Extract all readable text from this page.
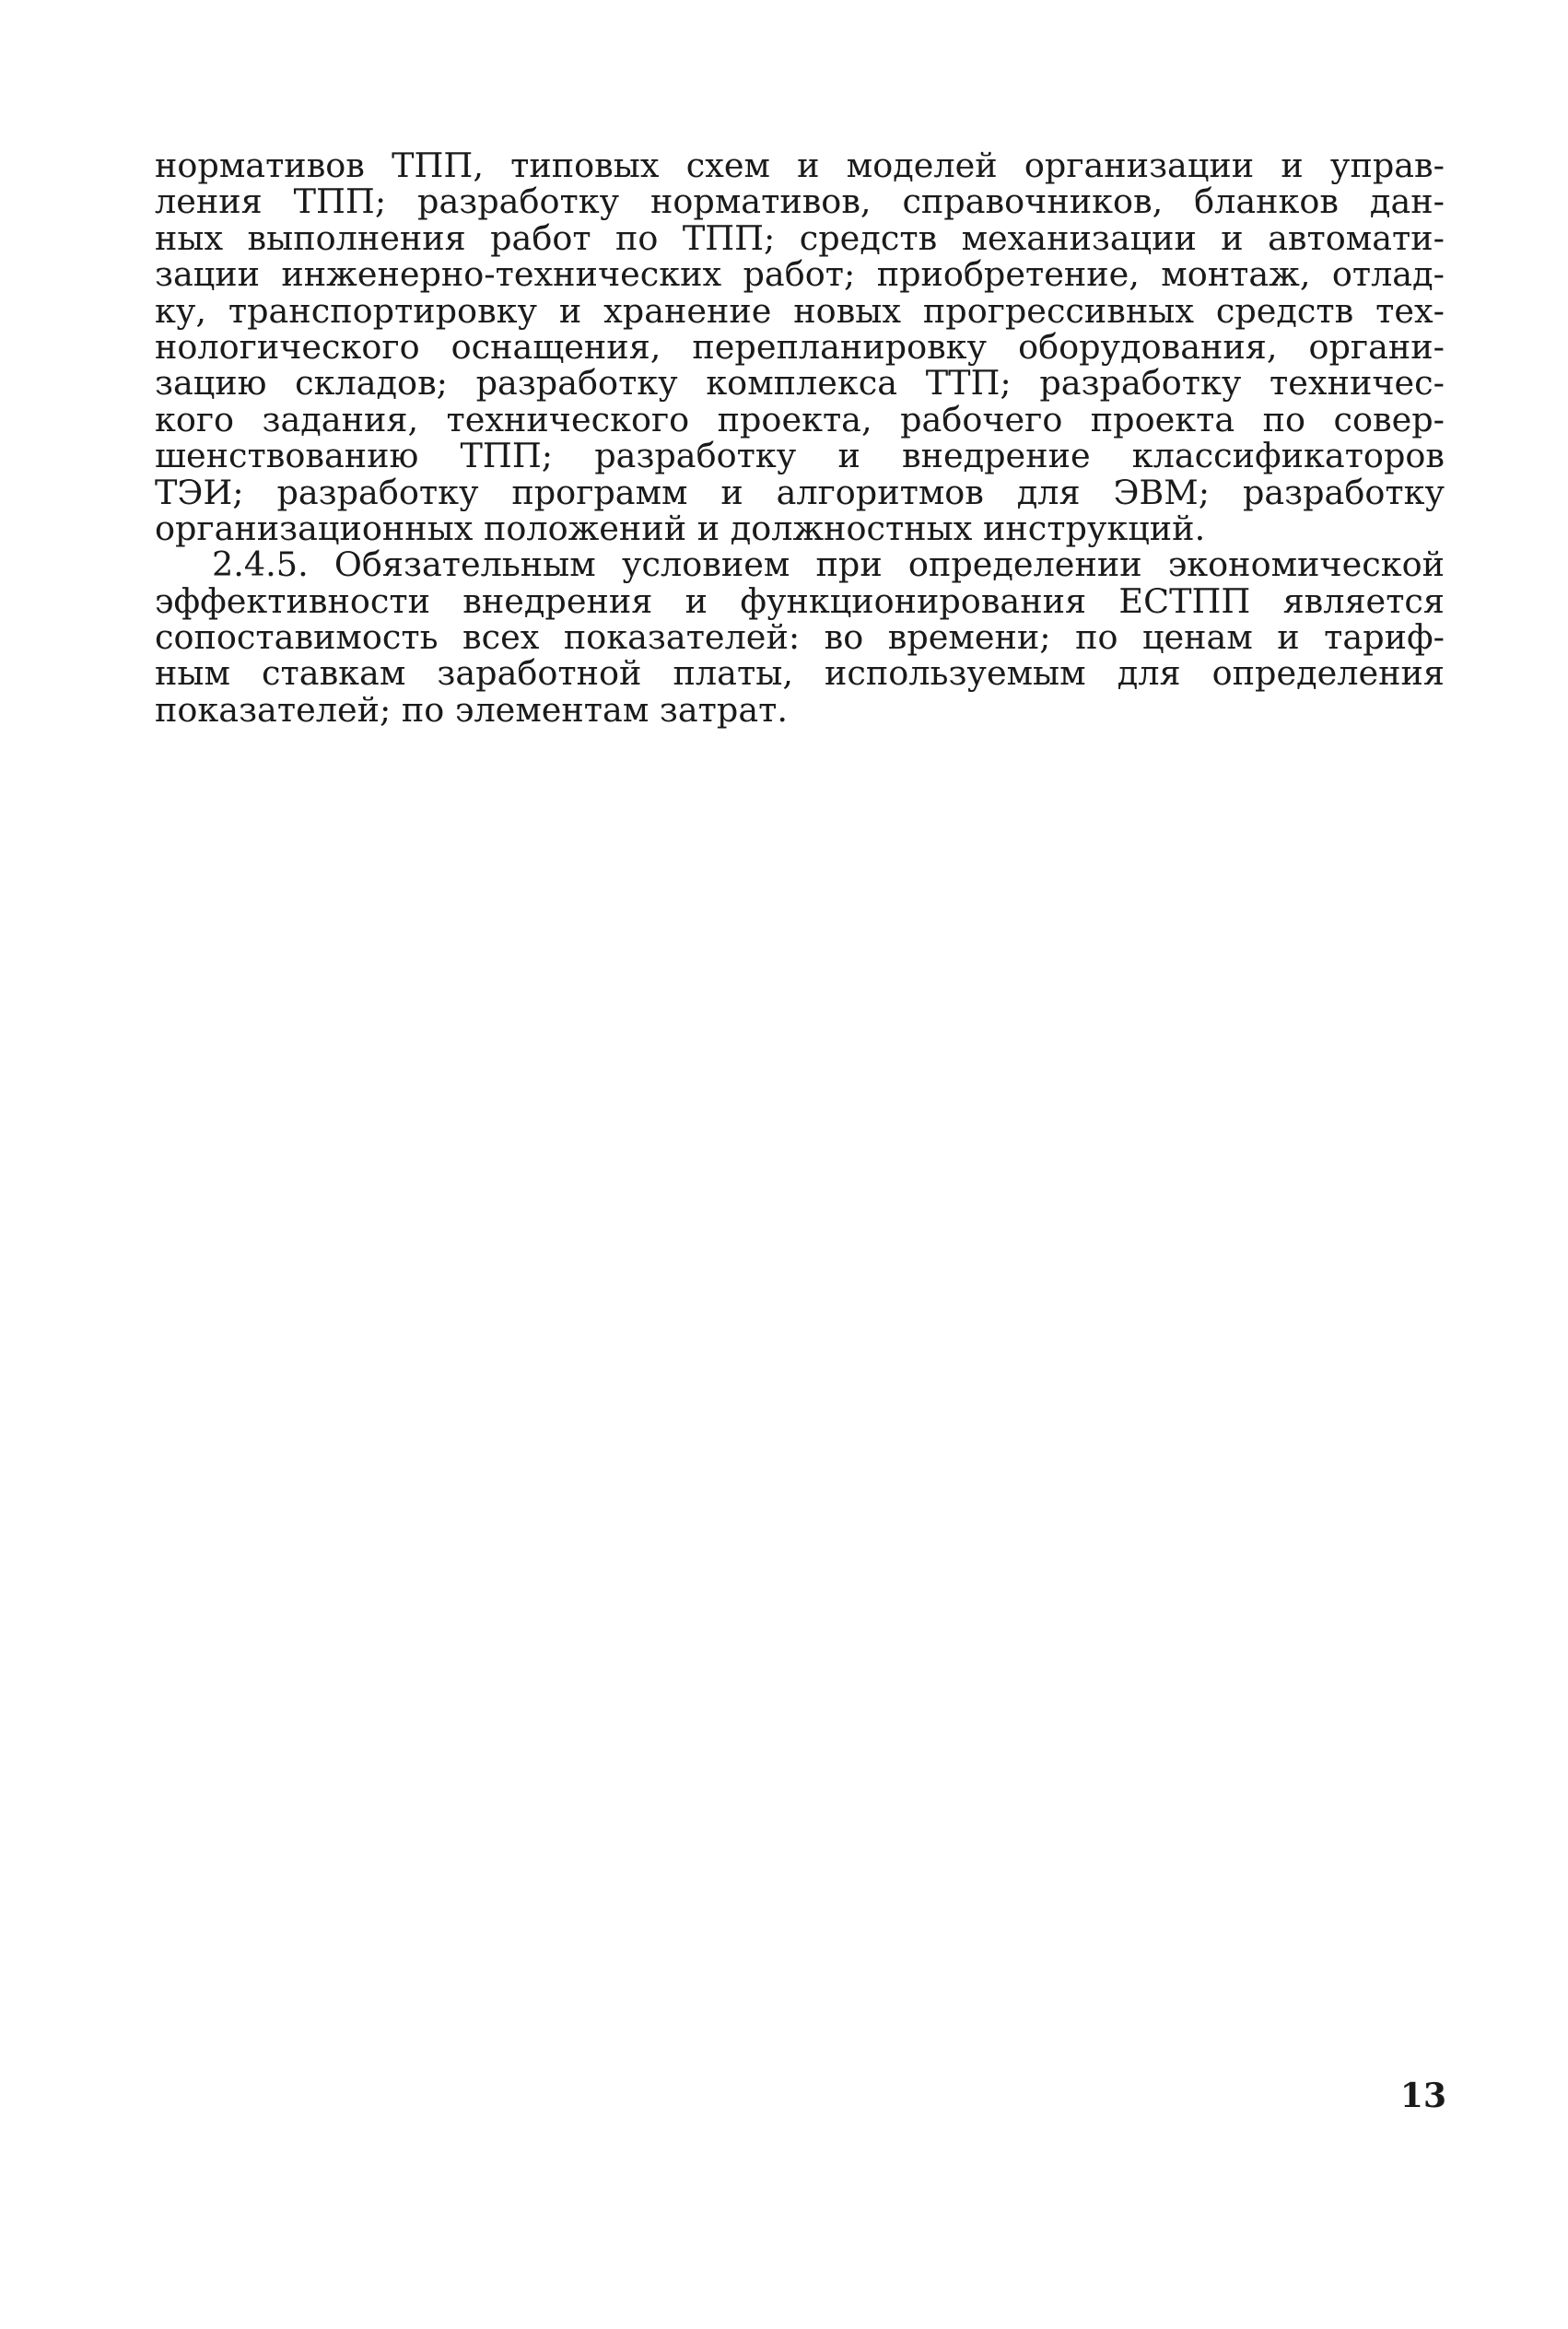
нормативов ТПП, типовых схем и моделей организации и управ-
ления ТПП; разработку нормативов, справочников, бланков дан-
ных выполнения работ по ТПП; средств механизации и автомати-
зации инженерно-технических работ; приобретение, монтаж, отлад-
ку, транспортировку и хранение новых прогрессивных средств тех-
нологического оснащения, перепланировку оборудования, органи-
зацию складов; разработку комплекса ТТП; разработку техничес-
кого задания, технического проекта, рабочего проекта по совер-
шенствованию ТПП; разработку и внедрение классификаторов
ТЭИ; разработку программ и алгоритмов для ЭВМ; разработку
организационных положений и должностных инструкций.
2.4.5. Обязательным условием при определении экономической
эффективности внедрения и функционирования ЕСТПП является
сопоставимость всех показателей: во времени; по ценам и тариф-
ным ставкам заработной платы, используемым для определения
показателей; по элементам затрат.
13
